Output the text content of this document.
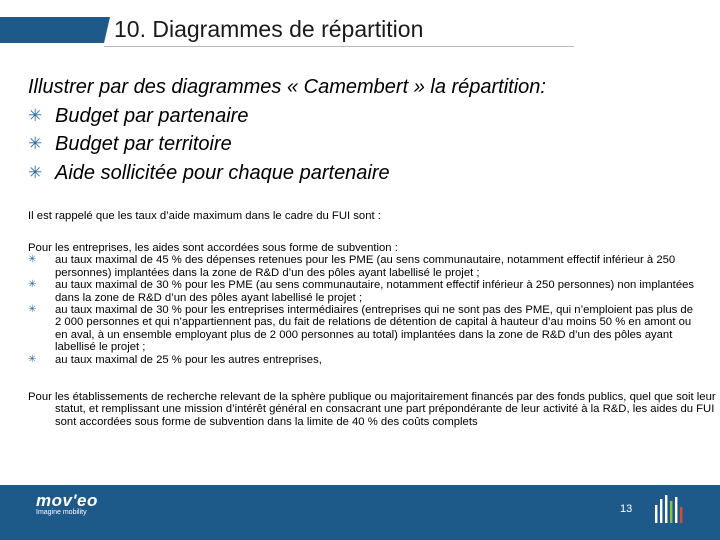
10. Diagrammes de répartition
Illustrer par des diagrammes « Camembert » la répartition:
✳ Budget par partenaire
✳ Budget par territoire
✳ Aide sollicitée pour chaque partenaire
Il est rappelé que les taux d’aide maximum dans le cadre du FUI sont :
Pour les entreprises, les aides sont accordées sous forme de subvention :
✳	au taux maximal de 45 % des dépenses retenues pour les PME (au sens communautaire, notamment effectif inférieur à 250 personnes) implantées dans la zone de R&D d’un des pôles ayant labellisé le projet ;
✳	au taux maximal de 30 % pour les PME (au sens communautaire, notamment effectif inférieur à 250 personnes) non implantées dans la zone de R&D d’un des pôles ayant labellisé le projet ;
✳	au taux maximal de 30 % pour les entreprises intermédiaires (entreprises qui ne sont pas des PME, qui n’emploient pas plus de 2 000 personnes et qui n’appartiennent pas, du fait de relations de détention de capital à hauteur d’au moins 50 % en amont ou en aval, à un ensemble employant plus de 2 000 personnes au total) implantées dans la zone de R&D d’un des pôles ayant labellisé le projet ;
✳	au taux maximal de 25 % pour les autres entreprises,
Pour les établissements de recherche relevant de la sphère publique ou majoritairement financés par des fonds publics, quel que soit leur statut, et remplissant une mission d’intérêt général en consacrant une part prépondérante de leur activité à la R&D, les aides du FUI sont accordées sous forme de subvention dans la limite de 40 % des coûts complets
mov'eo
Imagine mobility	13
